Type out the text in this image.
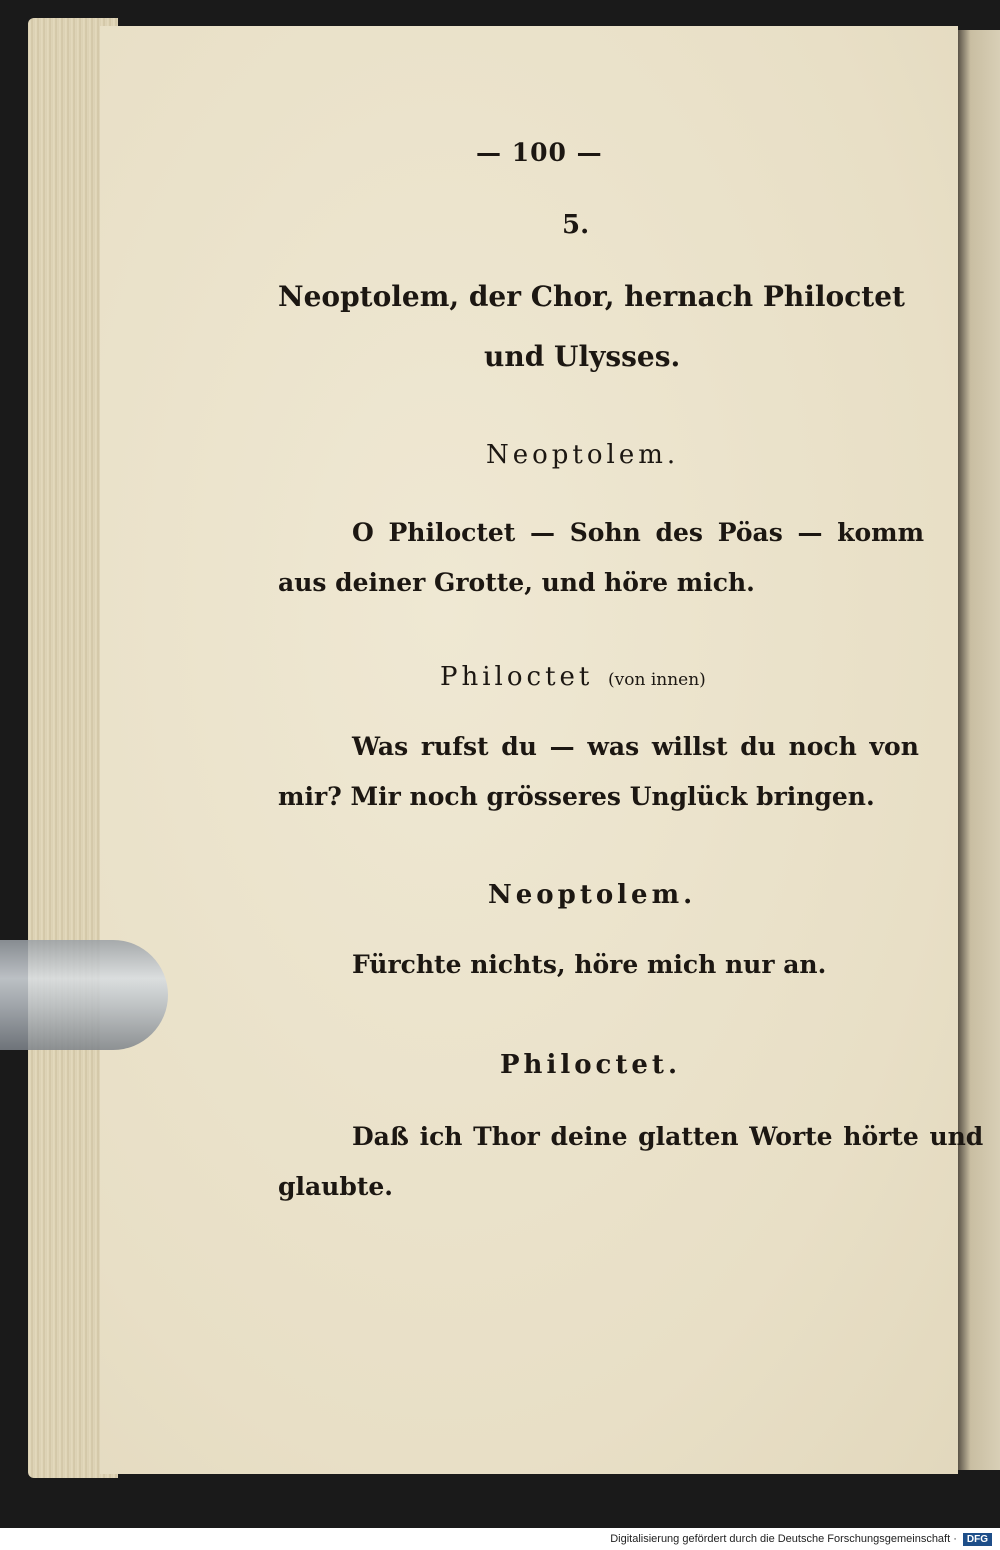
— 100 —
5.
Neoptolem, der Chor, hernach Philoctet
und Ulysses.
Neoptolem.
O Philoctet — Sohn des Pöas — komm
aus deiner Grotte, und höre mich.
Philoctet (von innen)
Was rufst du — was willst du noch von
mir? Mir noch grösseres Unglück bringen.
Neoptolem.
Fürchte nichts, höre mich nur an.
Philoctet.
Daß ich Thor deine glatten Worte hörte und
glaubte.
Digitalisierung gefördert durch die Deutsche Forschungsgemeinschaft ·	DFG
